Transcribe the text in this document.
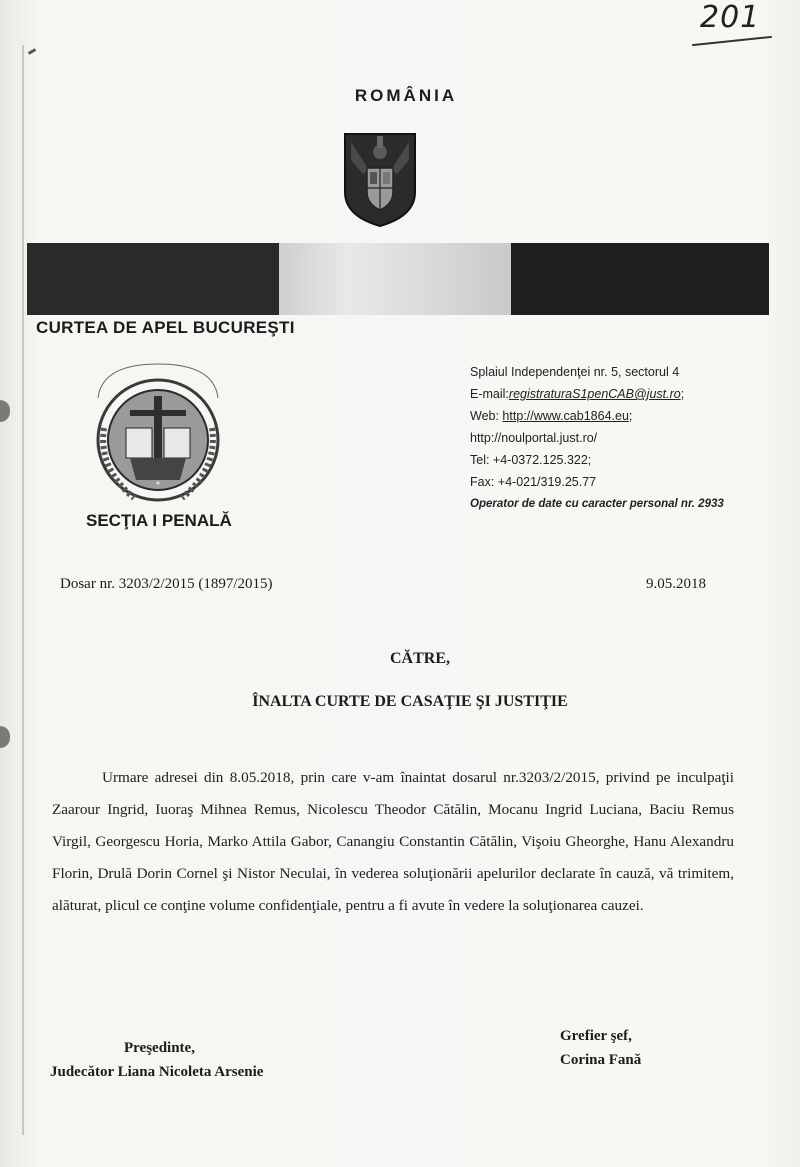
201
ROMÂNIA
CURTEA DE APEL BUCUREŞTI
✦
SECŢIA I PENALĂ
Splaiul Independenţei nr. 5, sectorul 4
E-mail:registraturaS1penCAB@just.ro;
Web: http://www.cab1864.eu;
http://noulportal.just.ro/
Tel: +4-0372.125.322;
Fax: +4-021/319.25.77
Operator de date cu caracter personal nr. 2933
Dosar nr. 3203/2/2015 (1897/2015)	9.05.2018
CĂTRE,
ÎNALTA CURTE DE CASAŢIE ŞI JUSTIŢIE
Urmare adresei din 8.05.2018, prin care v-am înaintat dosarul nr.3203/2/2015, privind pe inculpaţii Zaarour Ingrid, Iuoraş Mihnea Remus, Nicolescu Theodor Cătălin, Mocanu Ingrid Luciana, Baciu Remus Virgil, Georgescu Horia, Marko Attila Gabor, Canangiu Constantin Cătălin, Vişoiu Gheorghe, Hanu Alexandru Florin, Drulă Dorin Cornel şi Nistor Neculai, în vederea soluţionării apelurilor declarate în cauză, vă trimitem, alăturat, plicul ce conţine volume confidenţiale, pentru a fi avute în vedere la soluţionarea cauzei.
Preşedinte,
Judecător Liana Nicoleta Arsenie
Grefier şef,
Corina Fană
